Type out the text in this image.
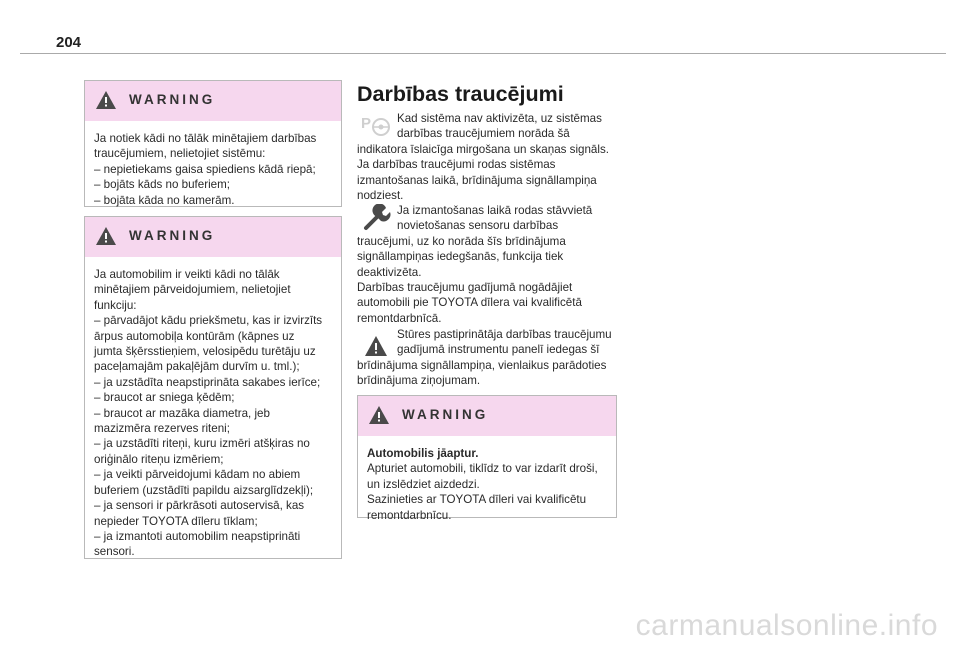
204
WARNING
Ja notiek kādi no tālāk minētajiem darbības
traucējumiem, nelietojiet sistēmu:
– nepietiekams gaisa spiediens kādā riepā;
– bojāts kāds no buferiem;
– bojāta kāda no kamerām.
WARNING
Ja automobilim ir veikti kādi no tālāk
minētajiem pārveidojumiem, nelietojiet
funkciju:
– pārvadājot kādu priekšmetu, kas ir izvirzīts
ārpus automobiļa kontūrām (kāpnes uz
jumta šķērsstieņiem, velosipēdu turētāju uz
paceļamajām pakaļējām durvīm u. tml.);
– ja uzstādīta neapstiprināta sakabes ierīce;
– braucot ar sniega ķēdēm;
– braucot ar mazāka diametra, jeb
mazizmēra rezerves riteni;
– ja uzstādīti riteņi, kuru izmēri atšķiras no
oriģinālo riteņu izmēriem;
– ja veikti pārveidojumi kādam no abiem
buferiem (uzstādīti papildu aizsarglīdzekļi);
– ja sensori ir pārkrāsoti autoservisā, kas
nepieder TOYOTA dīleru tīklam;
– ja izmantoti automobilim neapstiprināti
sensori.
Darbības traucējumi
P	Kad sistēma nav aktivizēta, uz sistēmas
darbības traucējumiem norāda šā
indikatora īslaicīga mirgošana un skaņas signāls.
Ja darbības traucējumi rodas sistēmas
izmantošanas laikā, brīdinājuma signāllampiņa
nodziest.
Ja izmantošanas laikā rodas stāvvietā
novietošanas sensoru darbības
traucējumi, uz ko norāda šīs brīdinājuma
signāllampiņas iedegšanās, funkcija tiek
deaktivizēta.
Darbības traucējumu gadījumā nogādājiet
automobili pie TOYOTA dīlera vai kvalificētā
remontdarbnīcā.
Stūres pastiprinātāja darbības traucējumu
gadījumā instrumentu panelī iedegas šī
brīdinājuma signāllampiņa, vienlaikus parādoties
brīdinājuma ziņojumam.
WARNING
Automobilis jāaptur.
Apturiet automobili, tiklīdz to var izdarīt droši,
un izslēdziet aizdedzi.
Sazinieties ar TOYOTA dīleri vai kvalificētu
remontdarbnīcu.
carmanualsonline.info
